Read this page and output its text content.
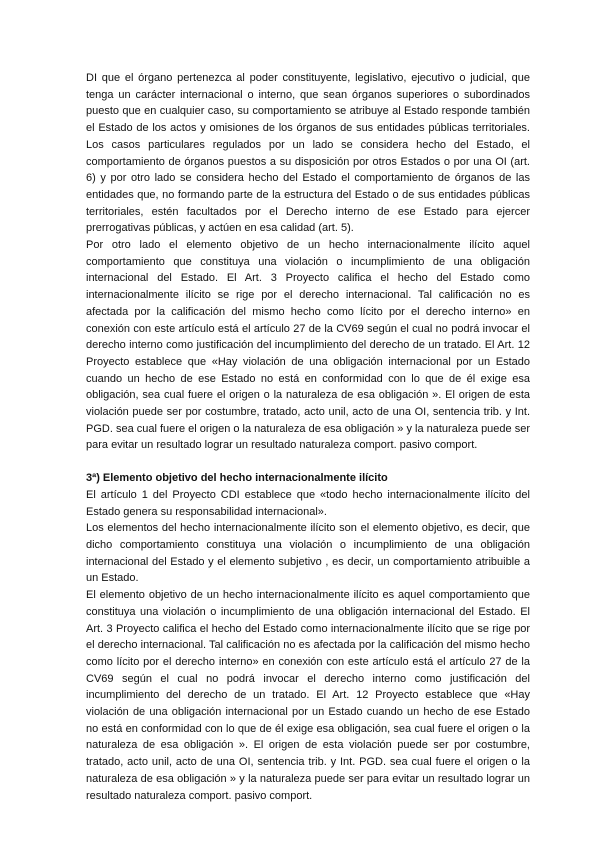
DI que el órgano pertenezca al poder constituyente, legislativo, ejecutivo o judicial, que tenga un carácter internacional o interno, que sean órganos superiores o subordinados puesto que en cualquier caso, su comportamiento se atribuye al Estado responde también el Estado de los actos y omisiones de los órganos de sus entidades públicas territoriales. Los casos particulares regulados por un lado se considera hecho del Estado, el comportamiento de órganos puestos a su disposición por otros Estados o por una OI (art. 6) y por otro lado se considera hecho del Estado el comportamiento de órganos de las entidades que, no formando parte de la estructura del Estado o de sus entidades públicas territoriales, estén facultados por el Derecho interno de ese Estado para ejercer prerrogativas públicas, y actúen en esa calidad (art. 5).

Por otro lado el elemento objetivo de un hecho internacionalmente ilícito aquel comportamiento que constituya una violación o incumplimiento de una obligación internacional del Estado. El Art. 3 Proyecto califica el hecho del Estado como internacionalmente ilícito se rige por el derecho internacional. Tal calificación no es afectada por la calificación del mismo hecho como lícito por el derecho interno» en conexión con este artículo está el artículo 27 de la CV69 según el cual no podrá invocar el derecho interno como justificación del incumplimiento del derecho de un tratado. El Art. 12 Proyecto establece que «Hay violación de una obligación internacional por un Estado cuando un hecho de ese Estado no está en conformidad con lo que de él exige esa obligación, sea cual fuere el origen o la naturaleza de esa obligación ». El origen de esta violación puede ser por costumbre, tratado, acto unil, acto de una OI, sentencia trib. y Int. PGD. sea cual fuere el origen o la naturaleza de esa obligación » y la naturaleza puede ser para evitar un resultado lograr un resultado naturaleza comport. pasivo comport.

3ª) Elemento objetivo del hecho internacionalmente ilícito

El artículo 1 del Proyecto CDI establece que «todo hecho internacionalmente ilícito del Estado genera su responsabilidad internacional».

Los elementos del hecho internacionalmente ilícito son el elemento objetivo, es decir, que dicho comportamiento constituya una violación o incumplimiento de una obligación internacional del Estado y el elemento subjetivo , es decir, un comportamiento atribuible a un Estado.

El elemento objetivo de un hecho internacionalmente ilícito es aquel comportamiento que constituya una violación o incumplimiento de una obligación internacional del Estado. El Art. 3 Proyecto califica el hecho del Estado como internacionalmente ilícito que se rige por el derecho internacional. Tal calificación no es afectada por la calificación del mismo hecho como lícito por el derecho interno» en conexión con este artículo está el artículo 27 de la CV69 según el cual no podrá invocar el derecho interno como justificación del incumplimiento del derecho de un tratado. El Art. 12 Proyecto establece que «Hay violación de una obligación internacional por un Estado cuando un hecho de ese Estado no está en conformidad con lo que de él exige esa obligación, sea cual fuere el origen o la naturaleza de esa obligación ». El origen de esta violación puede ser por costumbre, tratado, acto unil, acto de una OI, sentencia trib. y Int. PGD. sea cual fuere el origen o la naturaleza de esa obligación » y la naturaleza puede ser para evitar un resultado lograr un resultado naturaleza comport. pasivo comport.
